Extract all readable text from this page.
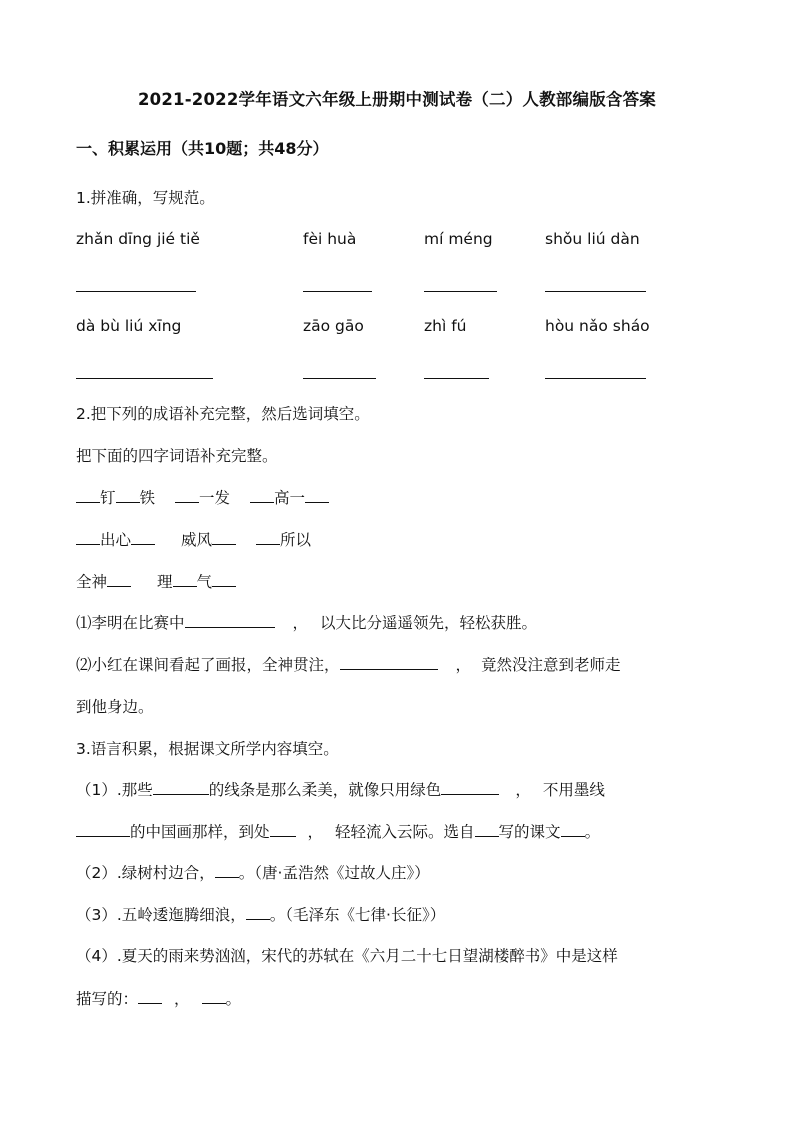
2021-2022学年语文六年级上册期中测试卷（二）人教部编版含答案
一、积累运用（共10题；共48分）
1.拼准确，写规范。
zhǎn dīng jié tiě	fèi huà	mí méng	shǒu liú dàn
dà bù liú xīng	zāo gāo	zhì fú	hòu nǎo sháo
2.把下列的成语补充完整，然后选词填空。
把下面的四字词语补充完整。
钉 铁	一发	高一
出心	威风	所以
全神	理 气
⑴李明在比赛中	， 以大比分遥遥领先，轻松获胜。
⑵小红在课间看起了画报，全神贯注，	， 竟然没注意到老师走
到他身边。
3.语言积累，根据课文所学内容填空。
（1）.那些	的线条是那么柔美，就像只用绿色	， 不用墨线
的中国画那样，到处 ， 轻轻流入云际。选自 写的课文 。
（2）.绿树村边合， 。（唐·孟浩然《过故人庄》）
（3）.五岭逶迤腾细浪， 。（毛泽东《七律·长征》）
（4）.夏天的雨来势汹汹，宋代的苏轼在《六月二十七日望湖楼醉书》中是这样
描写的： ， 。
